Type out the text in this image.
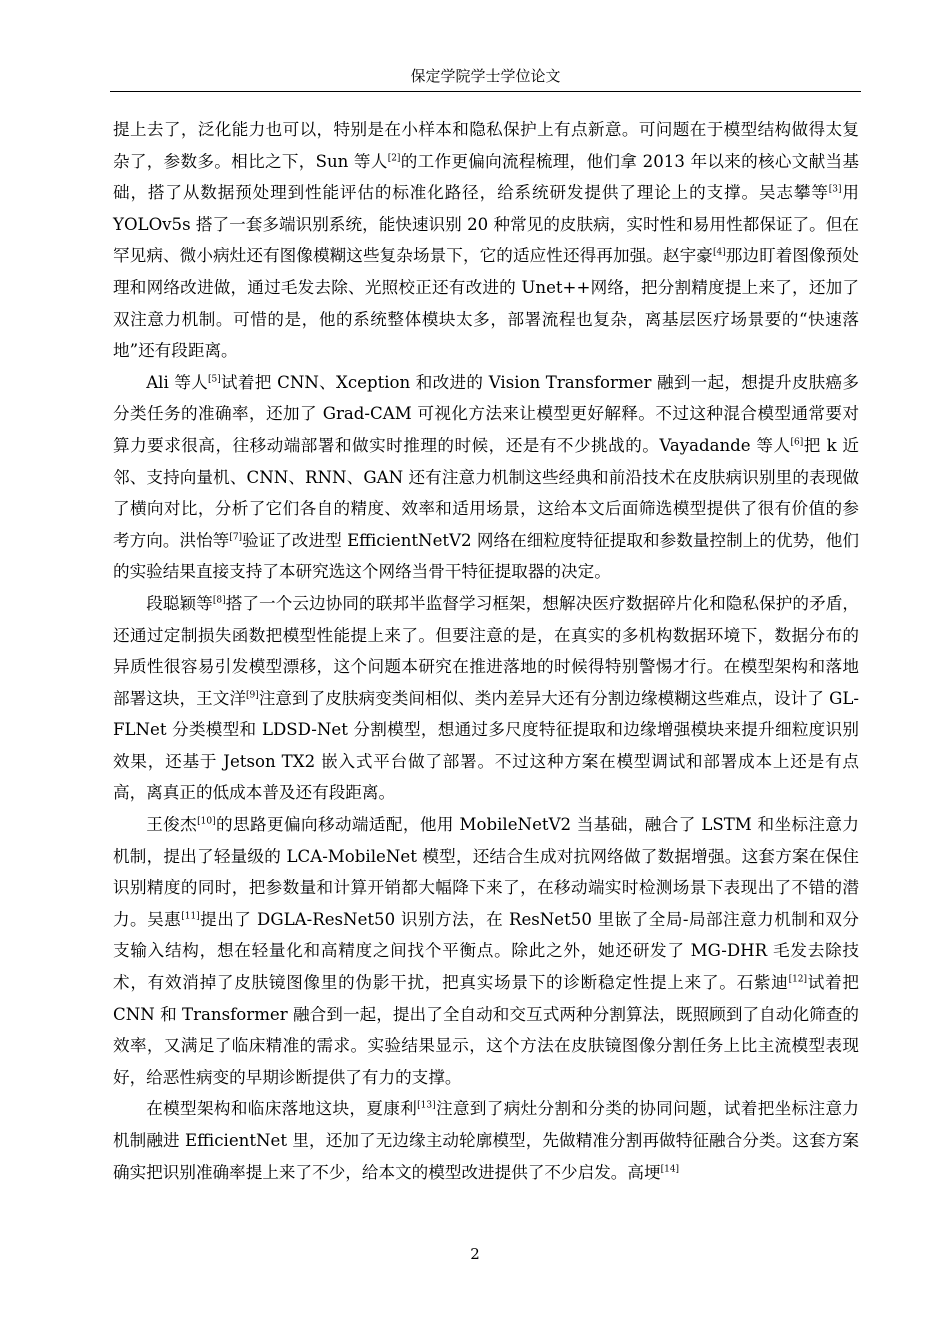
保定学院学士学位论文

提上去了，泛化能力也可以，特别是在小样本和隐私保护上有点新意。可问题在于模型结构做得太复杂了，参数多。相比之下，Sun 等人[2]的工作更偏向流程梳理，他们拿 2013 年以来的核心文献当基础，搭了从数据预处理到性能评估的标准化路径，给系统研发提供了理论上的支撑。吴志攀等[3]用 YOLOv5s 搭了一套多端识别系统，能快速识别 20 种常见的皮肤病，实时性和易用性都保证了。但在罕见病、微小病灶还有图像模糊这些复杂场景下，它的适应性还得再加强。赵宇豪[4]那边盯着图像预处理和网络改进做，通过毛发去除、光照校正还有改进的 Unet++网络，把分割精度提上来了，还加了双注意力机制。可惜的是，他的系统整体模块太多，部署流程也复杂，离基层医疗场景要的“快速落地”还有段距离。

Ali 等人[5]试着把 CNN、Xception 和改进的 Vision Transformer 融到一起，想提升皮肤癌多分类任务的准确率，还加了 Grad-CAM 可视化方法来让模型更好解释。不过这种混合模型通常要对算力要求很高，往移动端部署和做实时推理的时候，还是有不少挑战的。Vayadande 等人[6]把 k 近邻、支持向量机、CNN、RNN、GAN 还有注意力机制这些经典和前沿技术在皮肤病识别里的表现做了横向对比，分析了它们各自的精度、效率和适用场景，这给本文后面筛选模型提供了很有价值的参考方向。洪怡等[7]验证了改进型 EfficientNetV2 网络在细粒度特征提取和参数量控制上的优势，他们的实验结果直接支持了本研究选这个网络当骨干特征提取器的决定。

段聪颖等[8]搭了一个云边协同的联邦半监督学习框架，想解决医疗数据碎片化和隐私保护的矛盾，还通过定制损失函数把模型性能提上来了。但要注意的是，在真实的多机构数据环境下，数据分布的异质性很容易引发模型漂移，这个问题本研究在推进落地的时候得特别警惕才行。在模型架构和落地部署这块，王文洋[9]注意到了皮肤病变类间相似、类内差异大还有分割边缘模糊这些难点，设计了 GL-FLNet 分类模型和 LDSD-Net 分割模型，想通过多尺度特征提取和边缘增强模块来提升细粒度识别效果，还基于 Jetson TX2 嵌入式平台做了部署。不过这种方案在模型调试和部署成本上还是有点高，离真正的低成本普及还有段距离。

王俊杰[10]的思路更偏向移动端适配，他用 MobileNetV2 当基础，融合了 LSTM 和坐标注意力机制，提出了轻量级的 LCA-MobileNet 模型，还结合生成对抗网络做了数据增强。这套方案在保住识别精度的同时，把参数量和计算开销都大幅降下来了，在移动端实时检测场景下表现出了不错的潜力。吴惠[11]提出了 DGLA-ResNet50 识别方法，在 ResNet50 里嵌了全局-局部注意力机制和双分支输入结构，想在轻量化和高精度之间找个平衡点。除此之外，她还研发了 MG-DHR 毛发去除技术，有效消掉了皮肤镜图像里的伪影干扰，把真实场景下的诊断稳定性提上来了。石紫迪[12]试着把 CNN 和 Transformer 融合到一起，提出了全自动和交互式两种分割算法，既照顾到了自动化筛查的效率，又满足了临床精准的需求。实验结果显示，这个方法在皮肤镜图像分割任务上比主流模型表现好，给恶性病变的早期诊断提供了有力的支撑。

在模型架构和临床落地这块，夏康利[13]注意到了病灶分割和分类的协同问题，试着把坐标注意力机制融进 EfficientNet 里，还加了无边缘主动轮廓模型，先做精准分割再做特征融合分类。这套方案确实把识别准确率提上来了不少，给本文的模型改进提供了不少启发。高埂[14]

2
